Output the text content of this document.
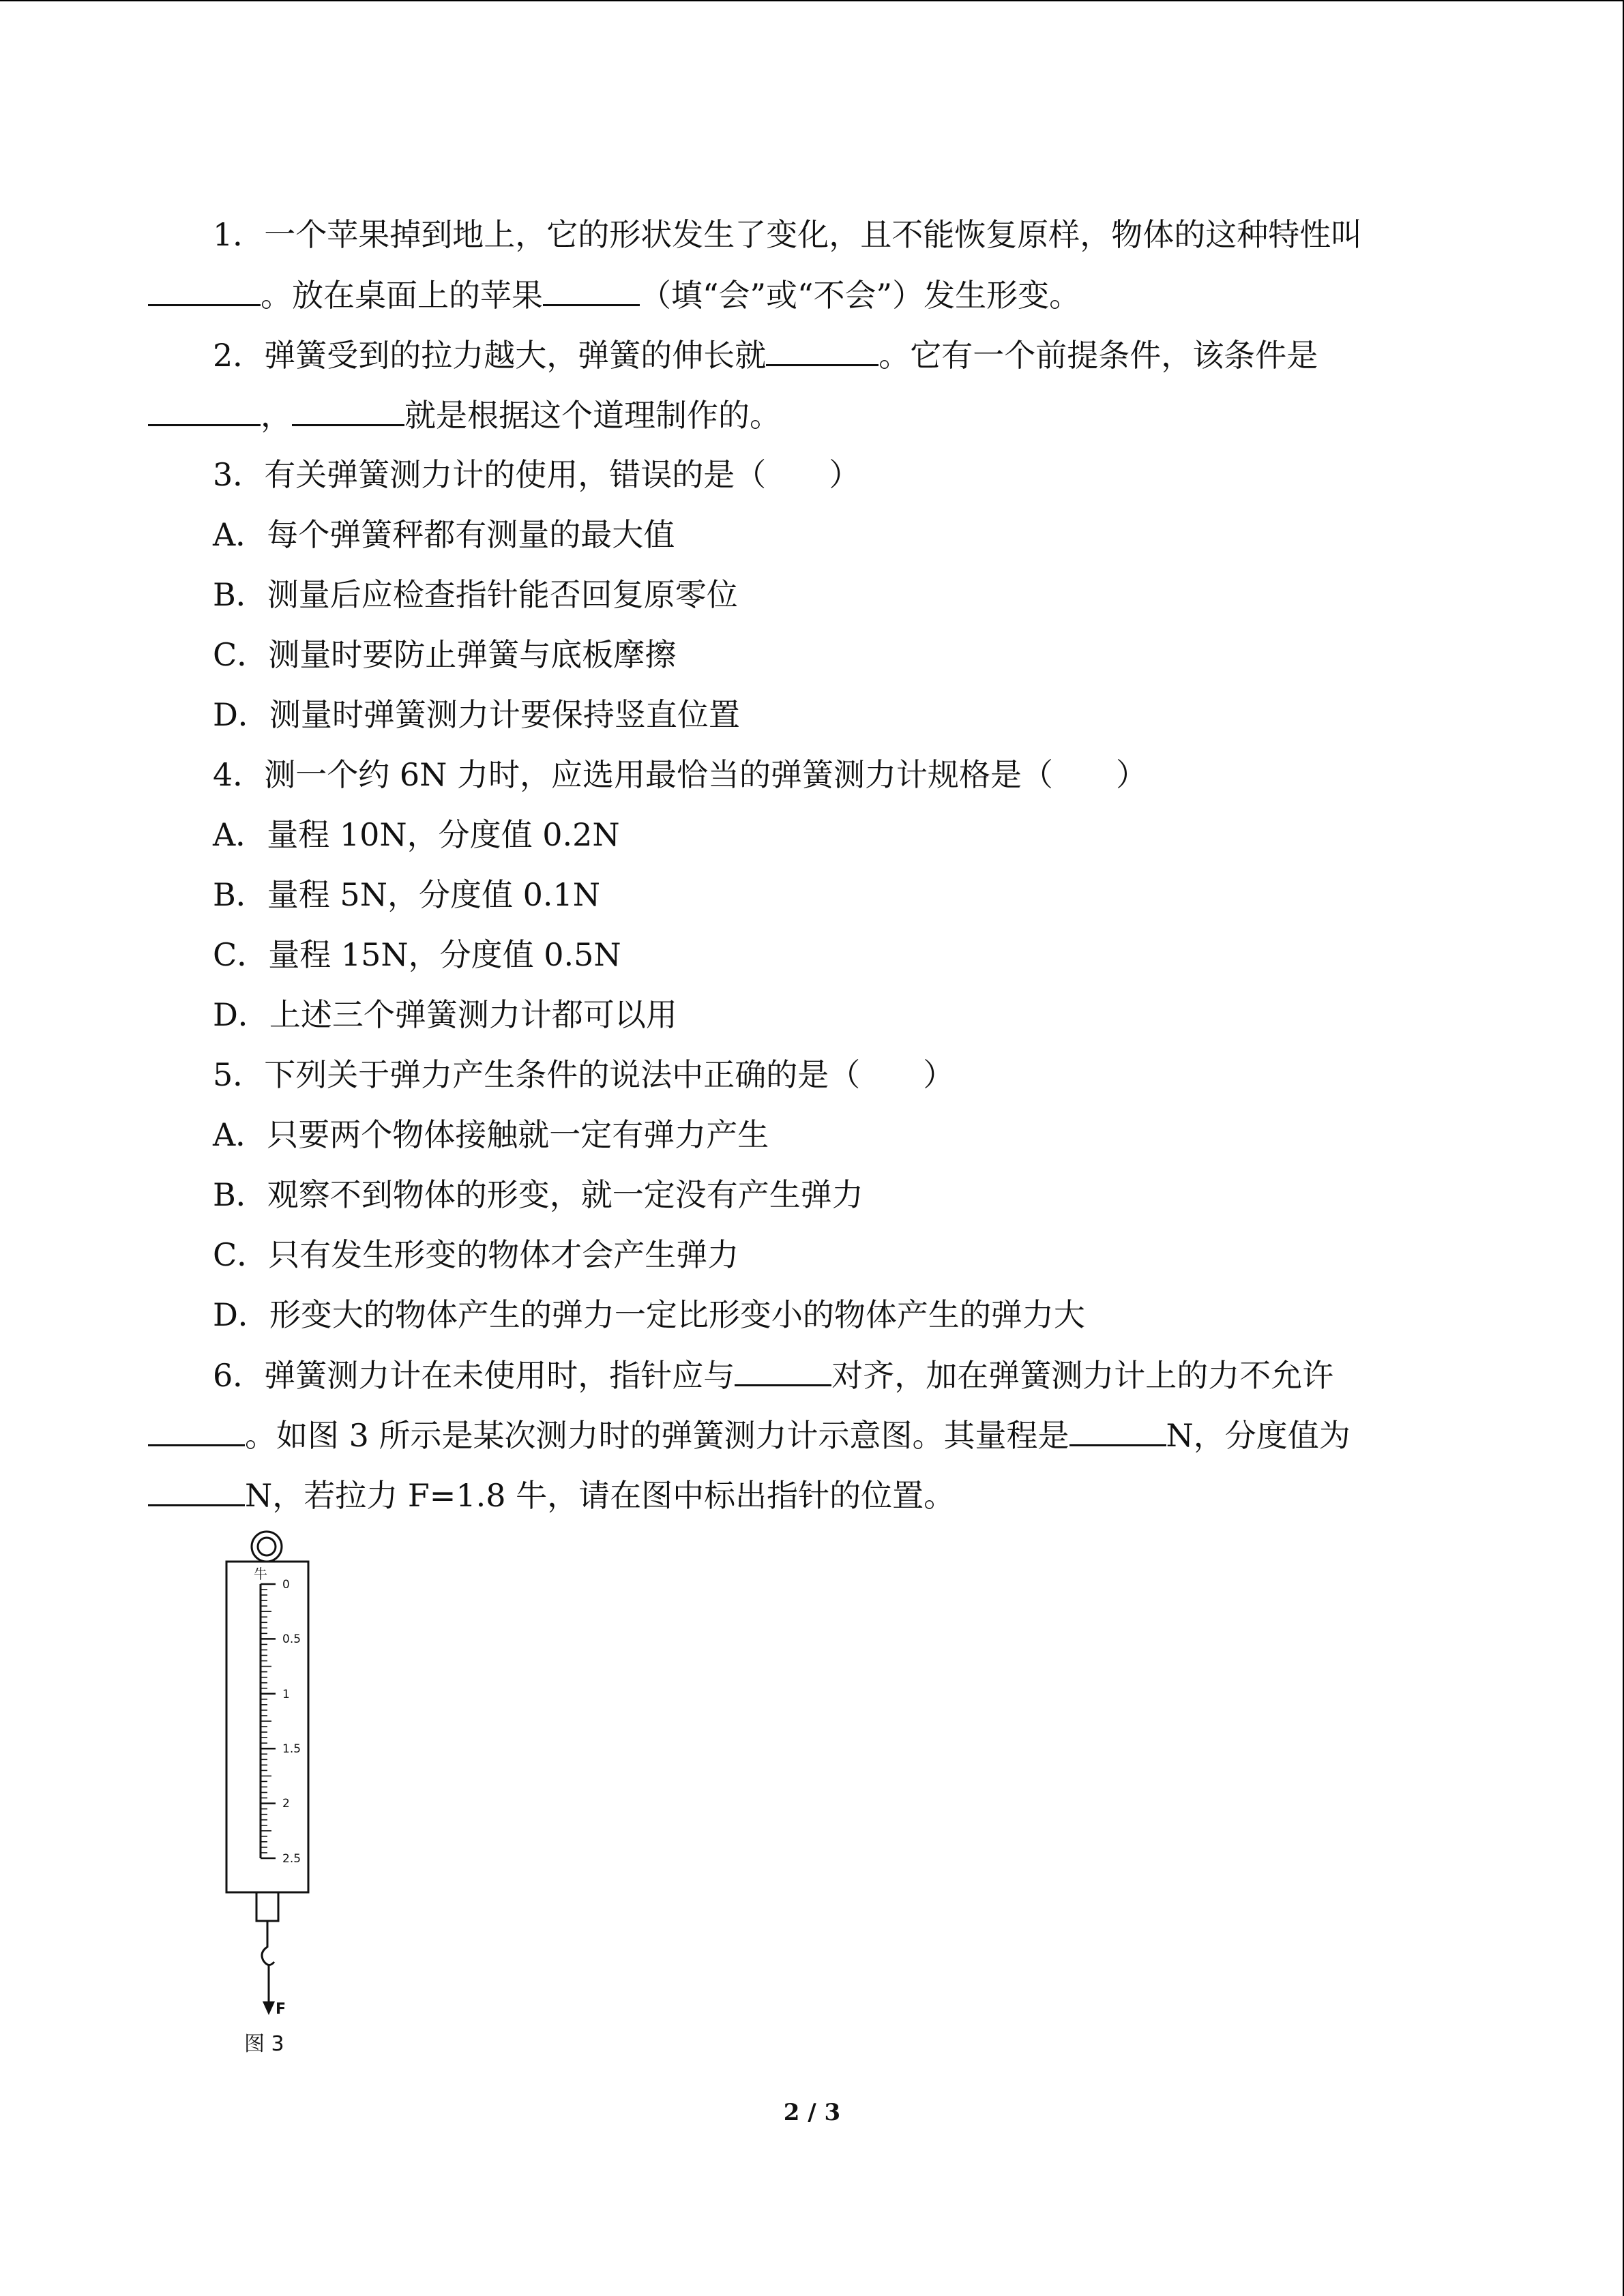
1．一个苹果掉到地上，它的形状发生了变化，且不能恢复原样，物体的这种特性叫
。放在桌面上的苹果	（填“会”或“不会”）发生形变。
2．弹簧受到的拉力越大，弹簧的伸长就	。它有一个前提条件，该条件是
，	就是根据这个道理制作的。
3．有关弹簧测力计的使用，错误的是（　　）
A．每个弹簧秤都有测量的最大值
B．测量后应检查指针能否回复原零位
C．测量时要防止弹簧与底板摩擦
D．测量时弹簧测力计要保持竖直位置
4．测一个约 6N 力时，应选用最恰当的弹簧测力计规格是（　　）
A．量程 10N，分度值 0.2N
B．量程 5N，分度值 0.1N
C．量程 15N，分度值 0.5N
D．上述三个弹簧测力计都可以用
5．下列关于弹力产生条件的说法中正确的是（　　）
A．只要两个物体接触就一定有弹力产生
B．观察不到物体的形变，就一定没有产生弹力
C．只有发生形变的物体才会产生弹力
D．形变大的物体产生的弹力一定比形变小的物体产生的弹力大
6．弹簧测力计在未使用时，指针应与	对齐，加在弹簧测力计上的力不允许
。如图 3 所示是某次测力时的弹簧测力计示意图。其量程是	N，分度值为
N，若拉力 F=1.8 牛，请在图中标出指针的位置。
牛
0
0.5
1
1.5
2
2.5
F
图 3
2 / 3
